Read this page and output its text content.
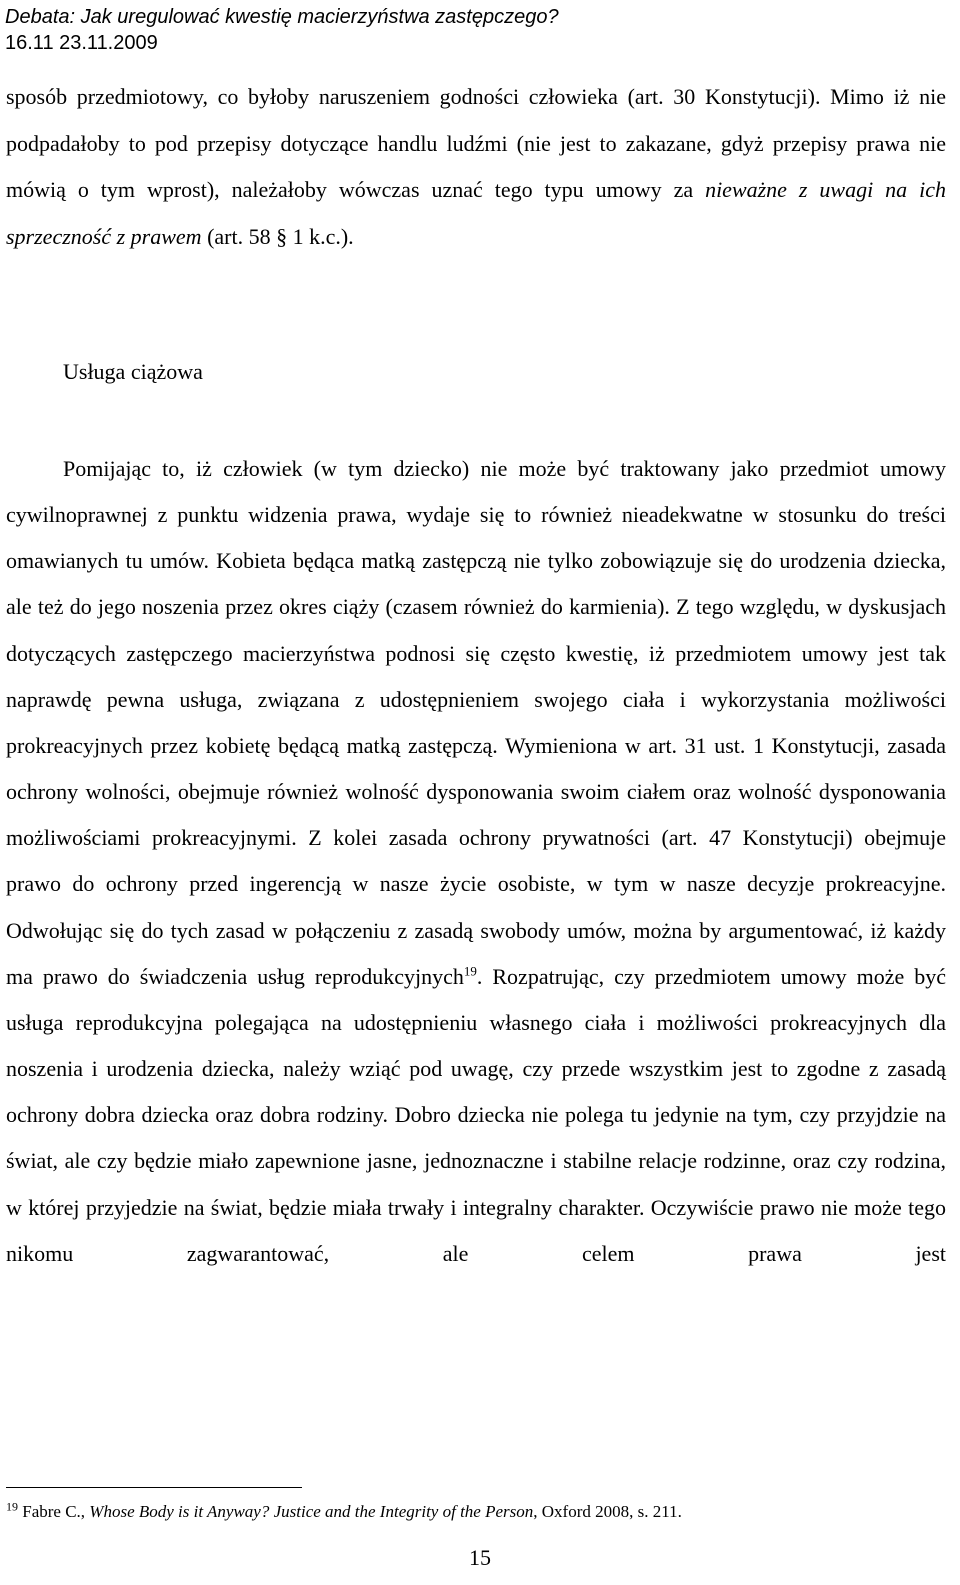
Debata: Jak uregulować kwestię macierzyństwa zastępczego?
16.11 23.11.2009

sposób przedmiotowy, co byłoby naruszeniem godności człowieka (art. 30 Konstytucji). Mimo iż nie podpadałoby to pod przepisy dotyczące handlu ludźmi (nie jest to zakazane, gdyż przepisy prawa nie mówią o tym wprost), należałoby wówczas uznać tego typu umowy za nieważne z uwagi na ich sprzeczność z prawem (art. 58 § 1 k.c.).

Usługa ciążowa

Pomijając to, iż człowiek (w tym dziecko) nie może być traktowany jako przedmiot umowy cywilnoprawnej z punktu widzenia prawa, wydaje się to również nieadekwatne w stosunku do treści omawianych tu umów. Kobieta będąca matką zastępczą nie tylko zobowiązuje się do urodzenia dziecka, ale też do jego noszenia przez okres ciąży (czasem również do karmienia). Z tego względu, w dyskusjach dotyczących zastępczego macierzyństwa podnosi się często kwestię, iż przedmiotem umowy jest tak naprawdę pewna usługa, związana z udostępnieniem swojego ciała i wykorzystania możliwości prokreacyjnych przez kobietę będącą matką zastępczą. Wymieniona w art. 31 ust. 1 Konstytucji, zasada ochrony wolności, obejmuje również wolność dysponowania swoim ciałem oraz wolność dysponowania możliwościami prokreacyjnymi. Z kolei zasada ochrony prywatności (art. 47 Konstytucji) obejmuje prawo do ochrony przed ingerencją w nasze życie osobiste, w tym w nasze decyzje prokreacyjne. Odwołując się do tych zasad w połączeniu z zasadą swobody umów, można by argumentować, iż każdy ma prawo do świadczenia usług reprodukcyjnych$^{19}$. Rozpatrując, czy przedmiotem umowy może być usługa reprodukcyjna polegająca na udostępnieniu własnego ciała i możliwości prokreacyjnych dla noszenia i urodzenia dziecka, należy wziąć pod uwagę, czy przede wszystkim jest to zgodne z zasadą ochrony dobra dziecka oraz dobra rodziny. Dobro dziecka nie polega tu jedynie na tym, czy przyjdzie na świat, ale czy będzie miało zapewnione jasne, jednoznaczne i stabilne relacje rodzinne, oraz czy rodzina, w której przyjedzie na świat, będzie miała trwały i integralny charakter. Oczywiście prawo nie może tego nikomu zagwarantować, ale celem prawa jest

$^{19}$ Fabre C., Whose Body is it Anyway? Justice and the Integrity of the Person, Oxford 2008, s. 211.
15
